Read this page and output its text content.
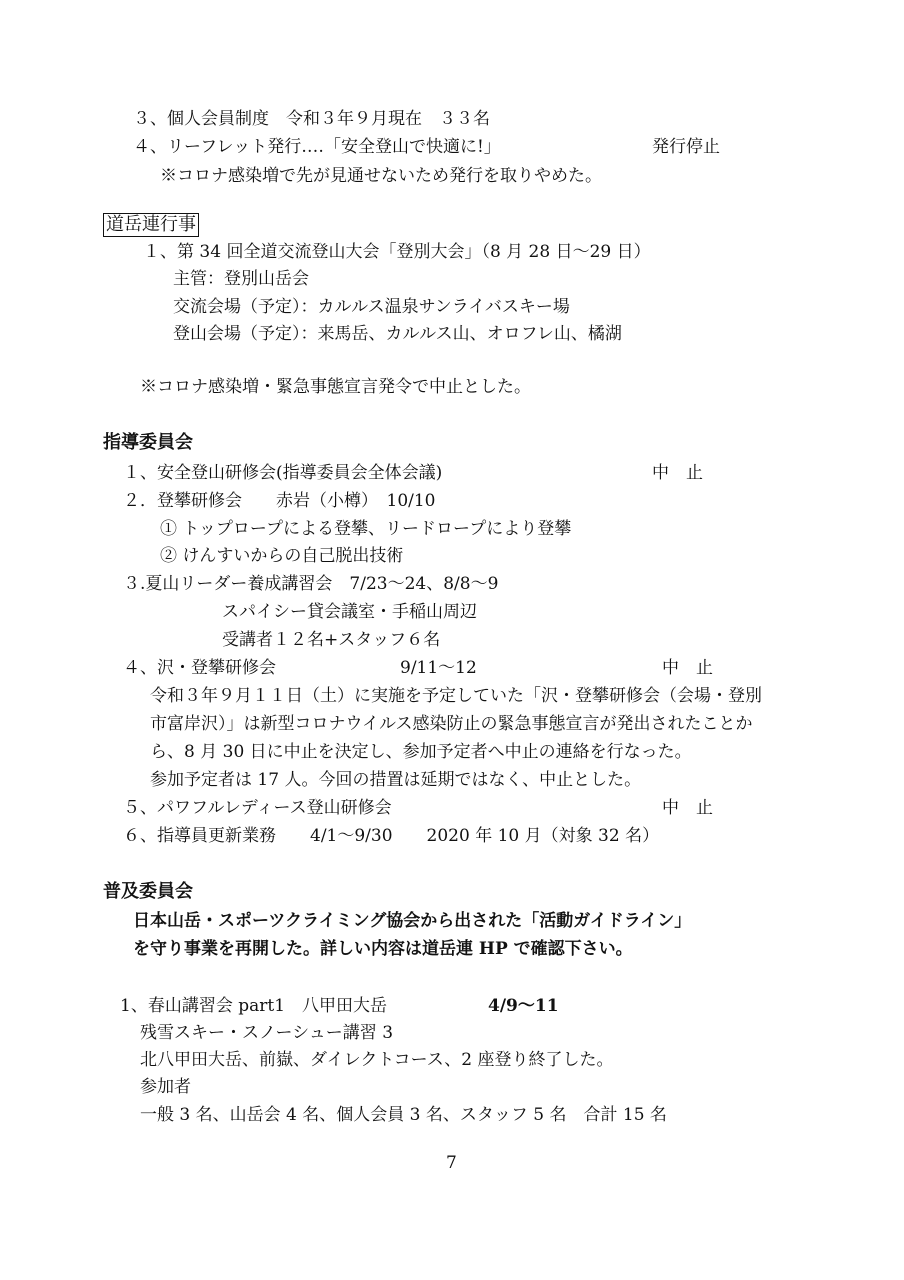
３、個人会員制度　令和３年９月現在　３３名
４、リーフレット発行‥‥「安全登山で快適に!」	発行停止
※コロナ感染増で先が見通せないため発行を取りやめた。
道岳連行事
１、第 34 回全道交流登山大会「登別大会」（8 月 28 日～29 日）
主管：登別山岳会
交流会場（予定）：カルルス温泉サンライバスキー場
登山会場（予定）：来馬岳、カルルス山、オロフレ山、橘湖
※コロナ感染増・緊急事態宣言発令で中止とした。
指導委員会
１、安全登山研修会(指導委員会全体会議)	中　止
２．登攀研修会　　赤岩（小樽）　10/10
① トップロープによる登攀、リードロープにより登攀
② けんすいからの自己脱出技術
３.夏山リーダー養成講習会　7/23～24、8/8～9
スパイシー貸会議室・手稲山周辺
受講者１２名+スタッフ６名
４、沢・登攀研修会	9/11～12	中　止
令和３年９月１１日（土）に実施を予定していた「沢・登攀研修会（会場・登別
市富岸沢）」は新型コロナウイルス感染防止の緊急事態宣言が発出されたことか
ら、8 月 30 日に中止を決定し、参加予定者へ中止の連絡を行なった。
参加予定者は 17 人。今回の措置は延期ではなく、中止とした。
５、パワフルレディース登山研修会	中　止
６、指導員更新業務　　4/1～9/30　　2020 年 10 月（対象 32 名）
普及委員会
日本山岳・スポーツクライミング協会から出された「活動ガイドライン」
を守り事業を再開した。詳しい内容は道岳連 HP で確認下さい。
1、春山講習会 part1　八甲田大岳	4/9～11
残雪スキー・スノーシュー講習 3
北八甲田大岳、前嶽、ダイレクトコース、2 座登り終了した。
参加者
一般 3 名、山岳会 4 名、個人会員 3 名、スタッフ 5 名　合計 15 名
7
